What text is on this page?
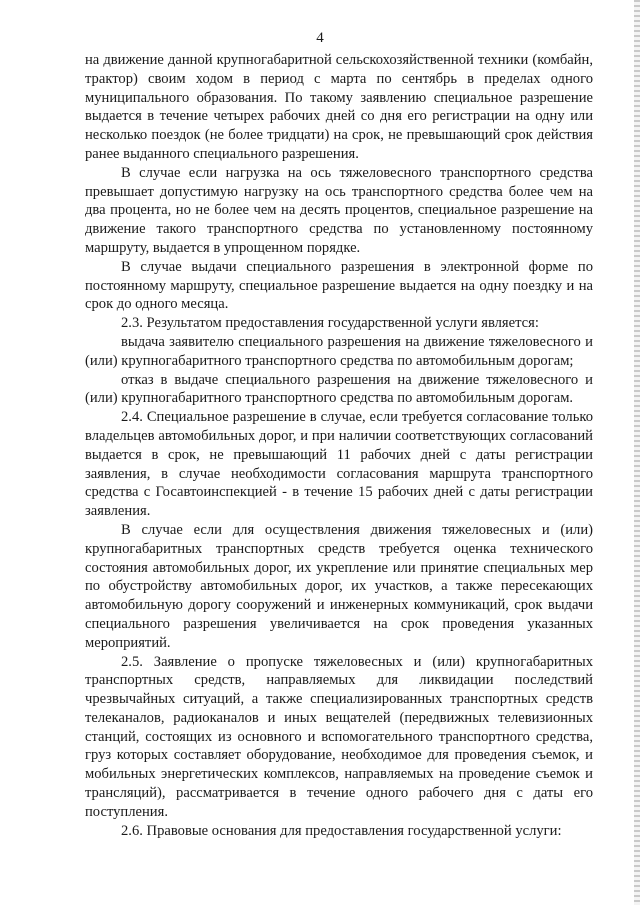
4

на движение данной крупногабаритной сельскохозяйственной техники (комбайн, трактор) своим ходом в период с марта по сентябрь в пределах одного муниципального образования. По такому заявлению специальное разрешение выдается в течение четырех рабочих дней со дня его регистрации на одну или несколько поездок (не более тридцати) на срок, не превышающий срок действия ранее выданного специального разрешения.

В случае если нагрузка на ось тяжеловесного транспортного средства превышает допустимую нагрузку на ось транспортного средства более чем на два процента, но не более чем на десять процентов, специальное разрешение на движение такого транспортного средства по установленному постоянному маршруту, выдается в упрощенном порядке.

В случае выдачи специального разрешения в электронной форме по постоянному маршруту, специальное разрешение выдается на одну поездку и на срок до одного месяца.

2.3. Результатом предоставления государственной услуги является:

выдача заявителю специального разрешения на движение тяжеловесного и (или) крупногабаритного транспортного средства по автомобильным дорогам;

отказ в выдаче специального разрешения на движение тяжеловесного и (или) крупногабаритного транспортного средства по автомобильным дорогам.

2.4. Специальное разрешение в случае, если требуется согласование только владельцев автомобильных дорог, и при наличии соответствующих согласований выдается в срок, не превышающий 11 рабочих дней с даты регистрации заявления, в случае необходимости согласования маршрута транспортного средства с Госавтоинспекцией - в течение 15 рабочих дней с даты регистрации заявления.

В случае если для осуществления движения тяжеловесных и (или) крупногабаритных транспортных средств требуется оценка технического состояния автомобильных дорог, их укрепление или принятие специальных мер по обустройству автомобильных дорог, их участков, а также пересекающих автомобильную дорогу сооружений и инженерных коммуникаций, срок выдачи специального разрешения увеличивается на срок проведения указанных мероприятий.

2.5. Заявление о пропуске тяжеловесных и (или) крупногабаритных транспортных средств, направляемых для ликвидации последствий чрезвычайных ситуаций, а также специализированных транспортных средств телеканалов, радиоканалов и иных вещателей (передвижных телевизионных станций, состоящих из основного и вспомогательного транспортного средства, груз которых составляет оборудование, необходимое для проведения съемок, и мобильных энергетических комплексов, направляемых на проведение съемок и трансляций), рассматривается в течение одного рабочего дня с даты его поступления.

2.6. Правовые основания для предоставления государственной услуги:
